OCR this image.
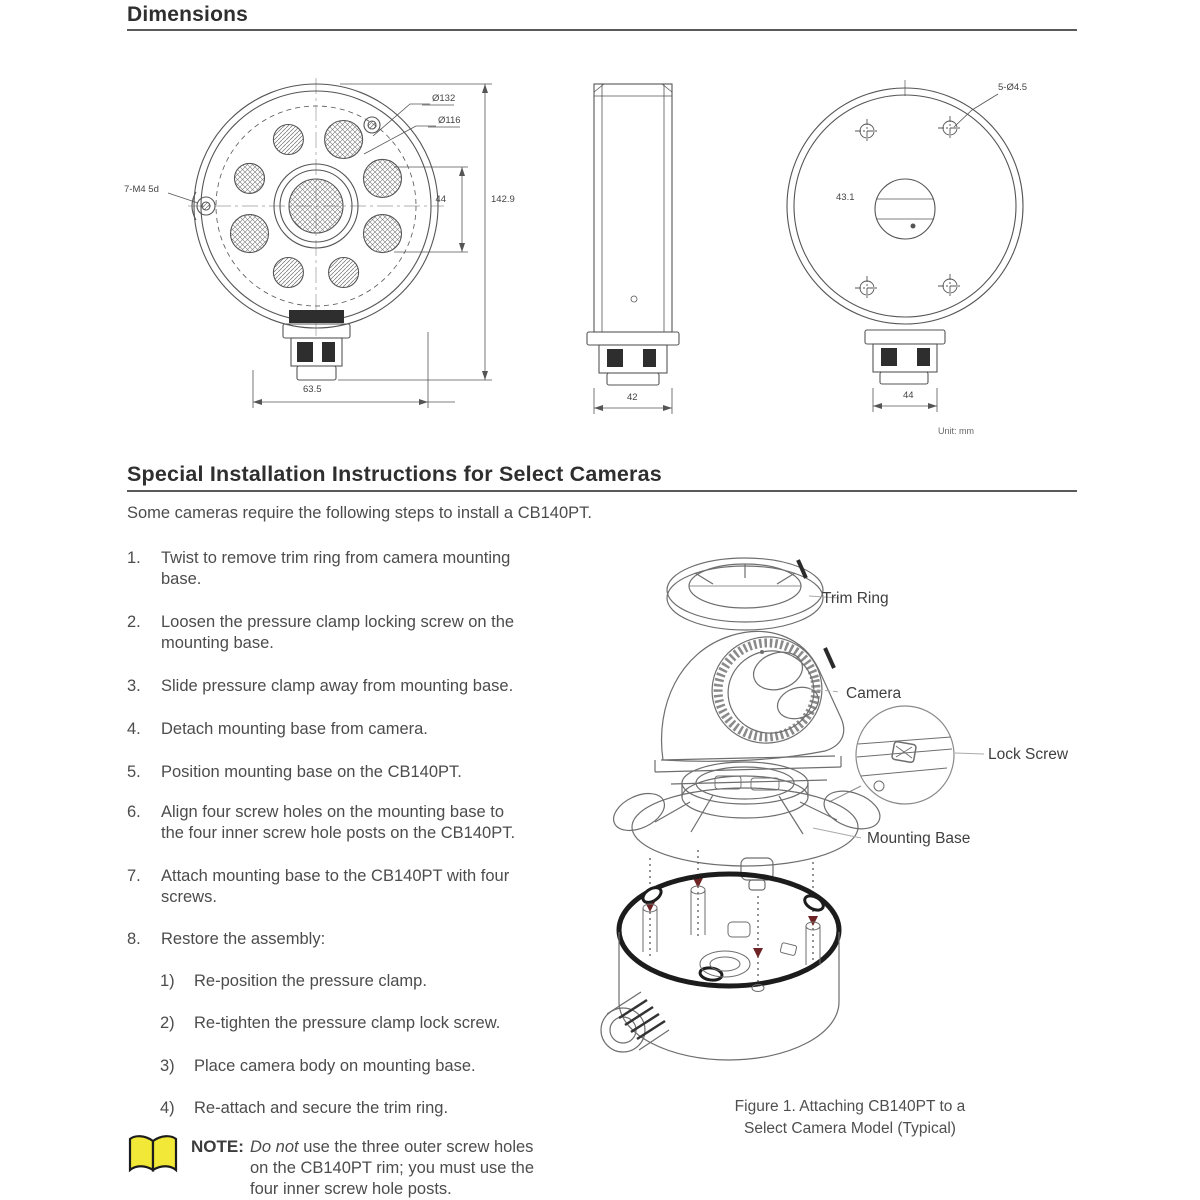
Dimensions
Ø132
Ø116
7-M4 5d
142.9
44
63.5
42
5-Ø4.5
43.1
44
Unit: mm
Special Installation Instructions for Select Cameras
Some cameras require the following steps to install a CB140PT.
1.	Twist to remove trim ring from camera mounting
base.
2.	Loosen the pressure clamp locking screw on the
mounting base.
3.	Slide pressure clamp away from mounting base.
4.	Detach mounting base from camera.
5.	Position mounting base on the CB140PT.
6.	Align four screw holes on the mounting base to
the four inner screw hole posts on the CB140PT.
7.	Attach mounting base to the CB140PT with four
screws.
8.	Restore the assembly:
1)	Re-position the pressure clamp.
2)	Re-tighten the pressure clamp lock screw.
3)	Place camera body on mounting base.
4)	Re-attach and secure the trim ring.
NOTE: Do not use the three outer screw holes
on the CB140PT rim; you must use the
four inner screw hole posts.
Trim Ring
Camera
Lock Screw
Mounting Base
Figure 1. Attaching CB140PT to a
Select Camera Model (Typical)
